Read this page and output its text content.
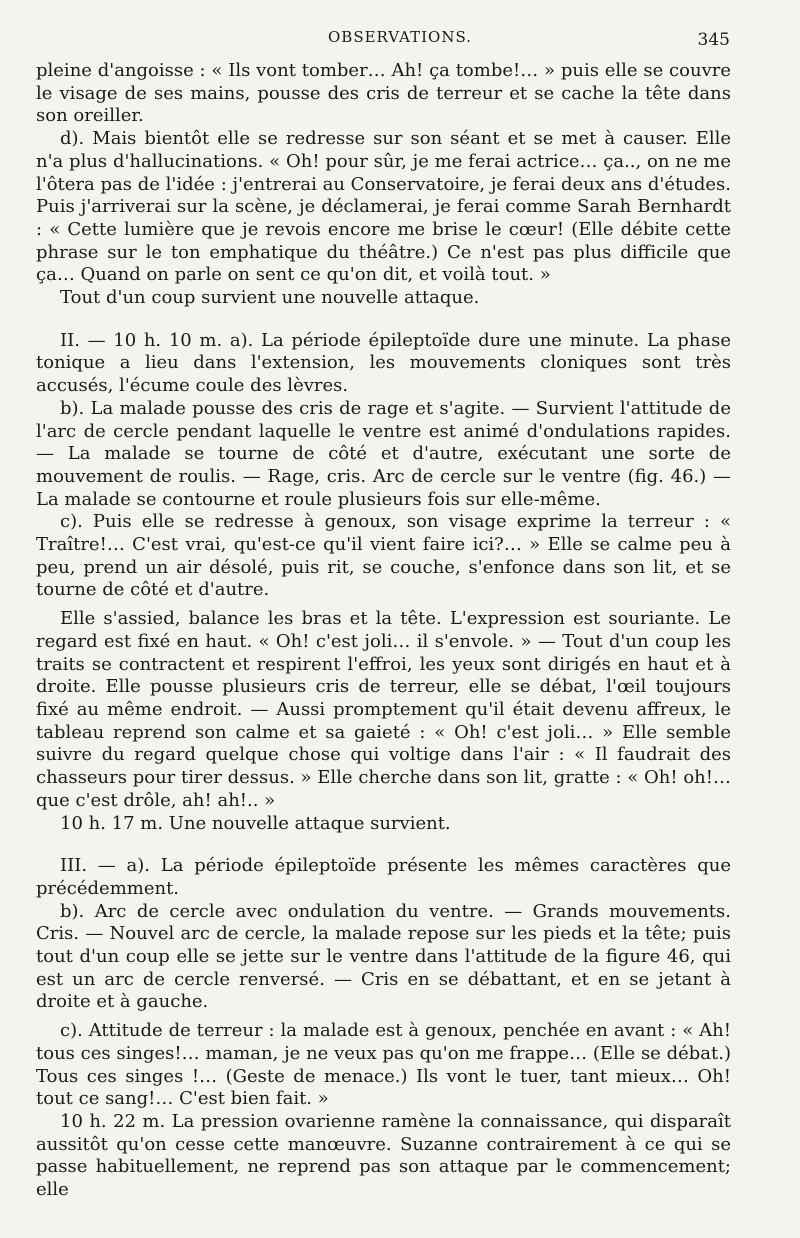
OBSERVATIONS.	345

pleine d'angoisse : « Ils vont tomber… Ah! ça tombe!… » puis elle se couvre le visage de ses mains, pousse des cris de terreur et se cache la tête dans son oreiller.

d). Mais bientôt elle se redresse sur son séant et se met à causer. Elle n'a plus d'hallucinations. « Oh! pour sûr, je me ferai actrice… ça.., on ne me l'ôtera pas de l'idée : j'entrerai au Conservatoire, je ferai deux ans d'études. Puis j'arriverai sur la scène, je déclamerai, je ferai comme Sarah Bernhardt : « Cette lumière que je revois encore me brise le cœur! (Elle débite cette phrase sur le ton emphatique du théâtre.) Ce n'est pas plus difficile que ça… Quand on parle on sent ce qu'on dit, et voilà tout. »

Tout d'un coup survient une nouvelle attaque.

II. — 10 h. 10 m. a). La période épileptoïde dure une minute. La phase tonique a lieu dans l'extension, les mouvements cloniques sont très accusés, l'écume coule des lèvres.

b). La malade pousse des cris de rage et s'agite. — Survient l'attitude de l'arc de cercle pendant laquelle le ventre est animé d'ondulations rapides. — La malade se tourne de côté et d'autre, exécutant une sorte de mouvement de roulis. — Rage, cris. Arc de cercle sur le ventre (fig. 46.) — La malade se contourne et roule plusieurs fois sur elle-même.

c). Puis elle se redresse à genoux, son visage exprime la terreur : « Traître!… C'est vrai, qu'est-ce qu'il vient faire ici?… » Elle se calme peu à peu, prend un air désolé, puis rit, se couche, s'enfonce dans son lit, et se tourne de côté et d'autre.

Elle s'assied, balance les bras et la tête. L'expression est souriante. Le regard est fixé en haut. « Oh! c'est joli… il s'envole. » — Tout d'un coup les traits se contractent et respirent l'effroi, les yeux sont dirigés en haut et à droite. Elle pousse plusieurs cris de terreur, elle se débat, l'œil toujours fixé au même endroit. — Aussi promptement qu'il était devenu affreux, le tableau reprend son calme et sa gaieté : « Oh! c'est joli… » Elle semble suivre du regard quelque chose qui voltige dans l'air : « Il faudrait des chasseurs pour tirer dessus. » Elle cherche dans son lit, gratte : « Oh! oh!… que c'est drôle, ah! ah!.. »

10 h. 17 m. Une nouvelle attaque survient.

III. — a). La période épileptoïde présente les mêmes caractères que précédemment.

b). Arc de cercle avec ondulation du ventre. — Grands mouvements. Cris. — Nouvel arc de cercle, la malade repose sur les pieds et la tête; puis tout d'un coup elle se jette sur le ventre dans l'attitude de la figure 46, qui est un arc de cercle renversé. — Cris en se débattant, et en se jetant à droite et à gauche.

c). Attitude de terreur : la malade est à genoux, penchée en avant : « Ah! tous ces singes!… maman, je ne veux pas qu'on me frappe… (Elle se débat.) Tous ces singes !… (Geste de menace.) Ils vont le tuer, tant mieux… Oh! tout ce sang!… C'est bien fait. »

10 h. 22 m. La pression ovarienne ramène la connaissance, qui disparaît aussitôt qu'on cesse cette manœuvre. Suzanne contrairement à ce qui se passe habituellement, ne reprend pas son attaque par le commencement; elle
